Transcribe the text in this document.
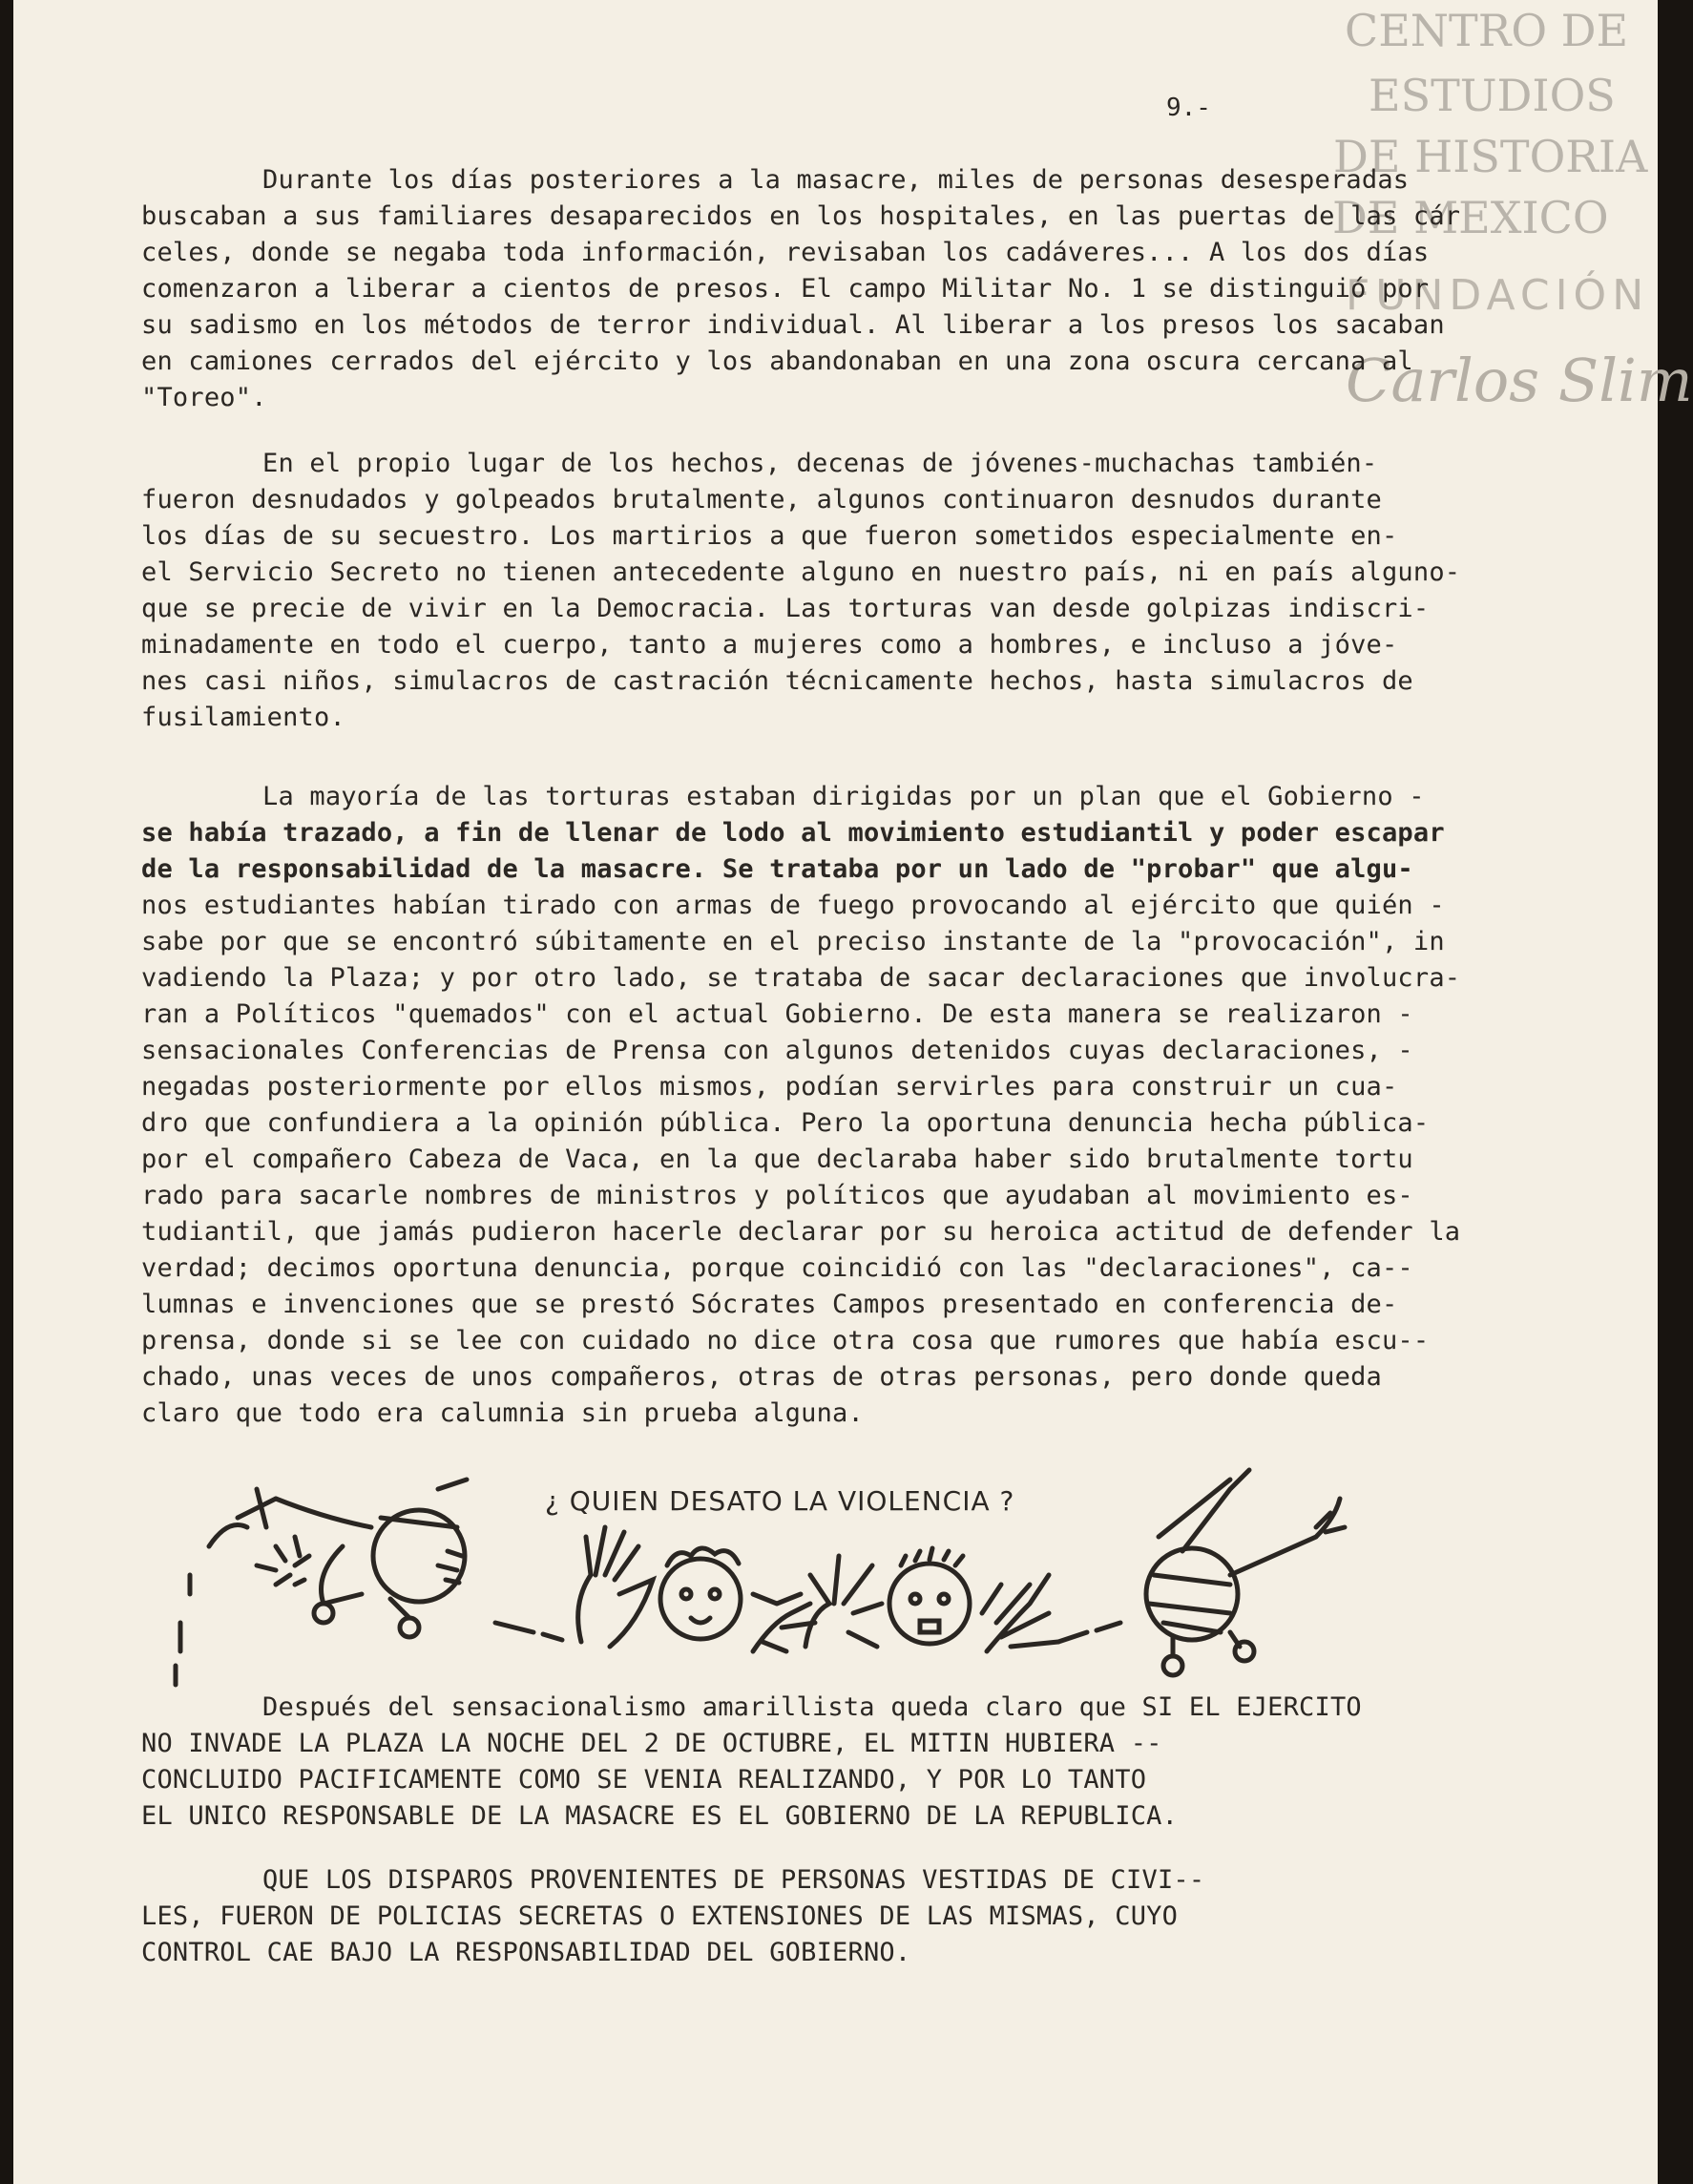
CENTRO DE
ESTUDIOS
DE HISTORIA
DE MEXICO
FUNDACIÓN
Carlos Slim
9.-
Durante los días posteriores a la masacre, miles de personas desesperadas
buscaban a sus familiares desaparecidos en los hospitales, en las puertas de las cár
celes, donde se negaba toda información, revisaban los cadáveres... A los dos días
comenzaron a liberar a cientos de presos. El campo Militar No. 1 se distinguió por
su sadismo en los métodos de terror individual. Al liberar a los presos los sacaban
en camiones cerrados del ejército y los abandonaban en una zona oscura cercana al
"Toreo".
En el propio lugar de los hechos, decenas de jóvenes-muchachas también-
fueron desnudados y golpeados brutalmente, algunos continuaron desnudos durante
los días de su secuestro. Los martirios a que fueron sometidos especialmente en-
el Servicio Secreto no tienen antecedente alguno en nuestro país, ni en país alguno-
que se precie de vivir en la Democracia. Las torturas van desde golpizas indiscri-
minadamente en todo el cuerpo, tanto a mujeres como a hombres, e incluso a jóve-
nes casi niños, simulacros de castración técnicamente hechos, hasta simulacros de
fusilamiento.
La mayoría de las torturas estaban dirigidas por un plan que el Gobierno -
se había trazado, a fin de llenar de lodo al movimiento estudiantil y poder escapar
de la responsabilidad de la masacre. Se trataba por un lado de "probar" que algu-
nos estudiantes habían tirado con armas de fuego provocando al ejército que quién -
sabe por que se encontró súbitamente en el preciso instante de la "provocación", in
vadiendo la Plaza; y por otro lado, se trataba de sacar declaraciones que involucra-
ran a Políticos "quemados" con el actual Gobierno. De esta manera se realizaron -
sensacionales Conferencias de Prensa con algunos detenidos cuyas declaraciones, -
negadas posteriormente por ellos mismos, podían servirles para construir un cua-
dro que confundiera a la opinión pública. Pero la oportuna denuncia hecha pública-
por el compañero Cabeza de Vaca, en la que declaraba haber sido brutalmente tortu
rado para sacarle nombres de ministros y políticos que ayudaban al movimiento es-
tudiantil, que jamás pudieron hacerle declarar por su heroica actitud de defender la
verdad; decimos oportuna denuncia, porque coincidió con las "declaraciones", ca--
lumnas e invenciones que se prestó Sócrates Campos presentado en conferencia de-
prensa, donde si se lee con cuidado no dice otra cosa que rumores que había escu--
chado, unas veces de unos compañeros, otras de otras personas, pero donde queda
claro que todo era calumnia sin prueba alguna.
¿ QUIEN DESATO LA VIOLENCIA ?
Después del sensacionalismo amarillista queda claro que SI EL EJERCITO
NO INVADE LA PLAZA LA NOCHE DEL 2 DE OCTUBRE, EL MITIN HUBIERA --
CONCLUIDO PACIFICAMENTE COMO SE VENIA REALIZANDO, Y POR LO TANTO
EL UNICO RESPONSABLE DE LA MASACRE ES EL GOBIERNO DE LA REPUBLICA.
QUE LOS DISPAROS PROVENIENTES DE PERSONAS VESTIDAS DE CIVI--
LES, FUERON DE POLICIAS SECRETAS O EXTENSIONES DE LAS MISMAS, CUYO
CONTROL CAE BAJO LA RESPONSABILIDAD DEL GOBIERNO.
